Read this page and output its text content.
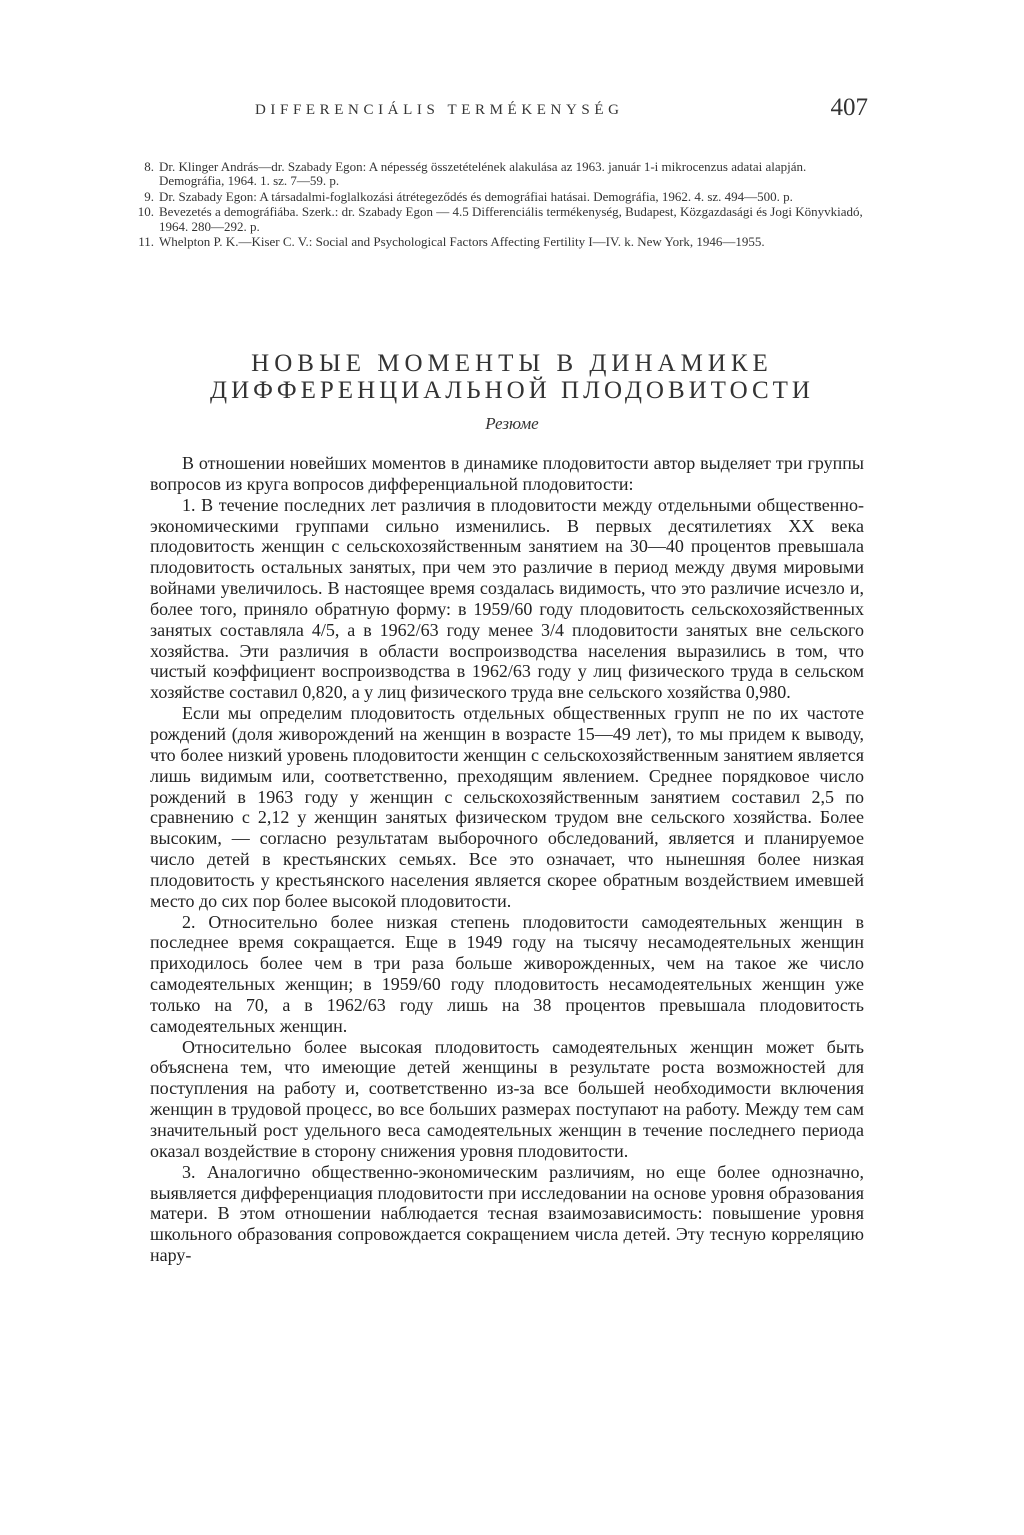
DIFFERENCIÁLIS TERMÉKENYSÉG	407
8. Dr. Klinger András—dr. Szabady Egon: A népesség összetételének alakulása az 1963. január 1-i mikrocenzus adatai alapján. Demográfia, 1964. 1. sz. 7—59. p.
9. Dr. Szabady Egon: A társadalmi-foglalkozási átrétegeződés és demográfiai hatásai. Demográfia, 1962. 4. sz. 494—500. p.
10. Bevezetés a demográfiába. Szerk.: dr. Szabady Egon — 4.5 Differenciális termékenység, Budapest, Közgazdasági és Jogi Könyvkiadó, 1964. 280—292. p.
11. Whelpton P. K.—Kiser C. V.: Social and Psychological Factors Affecting Fertility I—IV. k. New York, 1946—1955.
НОВЫЕ МОМЕНТЫ В ДИНАМИКЕ
ДИФФЕРЕНЦИАЛЬНОЙ ПЛОДОВИТОСТИ
Резюме

В отношении новейших моментов в динамике плодовитости автор выделяет три группы вопросов из круга вопросов дифференциальной плодовитости:

1. В течение последних лет различия в плодовитости между отдельными общественно-экономическими группами сильно изменились. В первых десятилетиях XX века плодовитость женщин с сельскохозяйственным занятием на 30—40 процентов превышала плодовитость остальных занятых, при чем это различие в период между двумя мировыми войнами увеличилось. В настоящее время создалась видимость, что это различие исчезло и, более того, приняло обратную форму: в 1959/60 году плодовитость сельскохозяйственных занятых составляла 4/5, а в 1962/63 году менее 3/4 плодовитости занятых вне сельского хозяйства. Эти различия в области воспроизводства населения выразились в том, что чистый коэффициент воспроизводства в 1962/63 году у лиц физического труда в сельском хозяйстве составил 0,820, а у лиц физического труда вне сельского хозяйства 0,980.

Если мы определим плодовитость отдельных общественных групп не по их частоте рождений (доля живорождений на женщин в возрасте 15—49 лет), то мы придем к выводу, что более низкий уровень плодовитости женщин с сельскохозяйственным занятием является лишь видимым или, соответственно, преходящим явлением. Среднее порядковое число рождений в 1963 году у женщин с сельскохозяйственным занятием составил 2,5 по сравнению с 2,12 у женщин занятых физическом трудом вне сельского хозяйства. Более высоким, — согласно результатам выборочного обследований, является и планируемое число детей в крестьянских семьях. Все это означает, что нынешняя более низкая плодовитость у крестьянского населения является скорее обратным воздействием имевшей место до сих пор более высокой плодовитости.

2. Относительно более низкая степень плодовитости самодеятельных женщин в последнее время сокращается. Еще в 1949 году на тысячу несамодеятельных женщин приходилось более чем в три раза больше живорожденных, чем на такое же число самодеятельных женщин; в 1959/60 году плодовитость несамодеятельных женщин уже только на 70, а в 1962/63 году лишь на 38 процентов превышала плодовитость самодеятельных женщин.

Относительно более высокая плодовитость самодеятельных женщин может быть объяснена тем, что имеющие детей женщины в результате роста возможностей для поступления на работу и, соответственно из-за все большей необходимости включения женщин в трудовой процесс, во все больших размерах поступают на работу. Между тем сам значительный рост удельного веса самодеятельных женщин в течение последнего периода оказал воздействие в сторону снижения уровня плодовитости.

3. Аналогично общественно-экономическим различиям, но еще более однозначно, выявляется дифференциация плодовитости при исследовании на основе уровня образования матери. В этом отношении наблюдается тесная взаимозависимость: повышение уровня школьного образования сопровождается сокращением числа детей. Эту тесную корреляцию нару-
